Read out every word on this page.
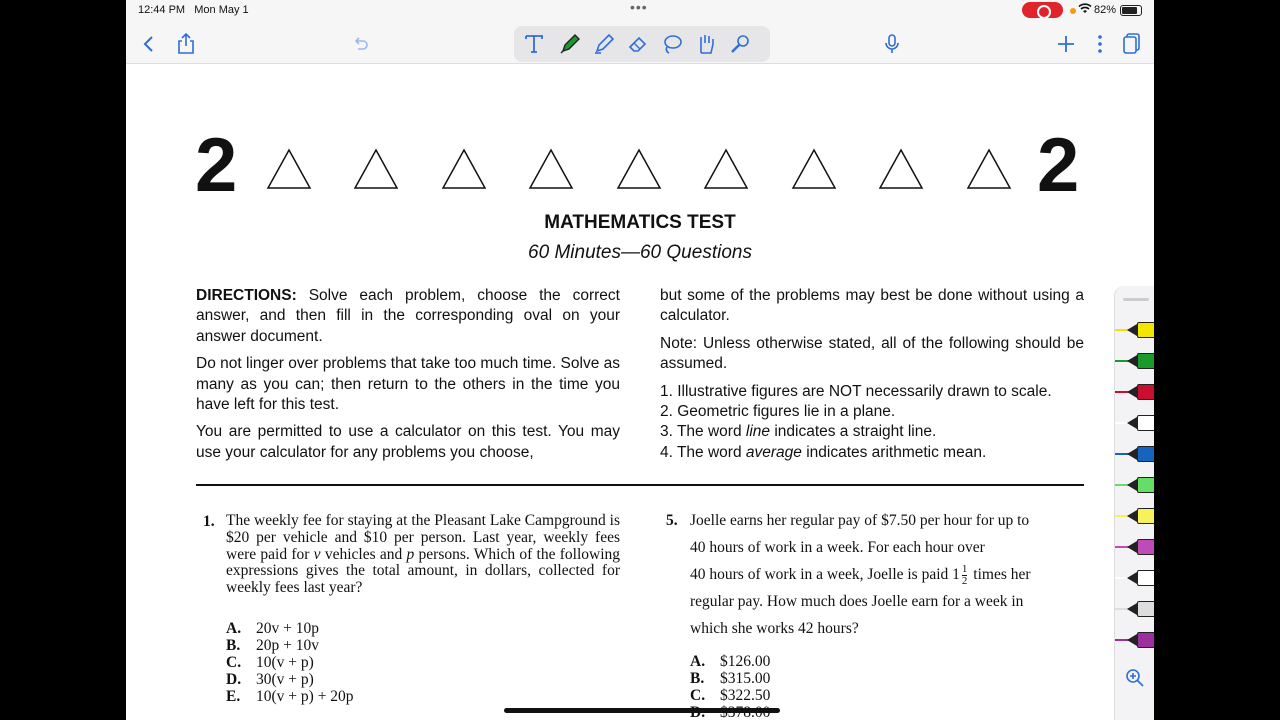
12:44 PM Mon May 1	•••	82%
2	2
MATHEMATICS TEST
60 Minutes—60 Questions

DIRECTIONS: Solve each problem, choose the correct answer, and then fill in the corresponding oval on your answer document.

Do not linger over problems that take too much time. Solve as many as you can; then return to the others in the time you have left for this test.

You are permitted to use a calculator on this test. You may use your calculator for any problems you choose,

but some of the problems may best be done without using a calculator.

Note: Unless otherwise stated, all of the following should be assumed.

1. Illustrative figures are NOT necessarily drawn to scale.
2. Geometric figures lie in a plane.
3. The word line indicates a straight line.
4. The word average indicates arithmetic mean.
1. The weekly fee for staying at the Pleasant Lake Campground is $20 per vehicle and $10 per person. Last year, weekly fees were paid for v vehicles and p persons. Which of the following expressions gives the total amount, in dollars, collected for weekly fees last year?
A. 20v + 10p
B. 20p + 10v
C. 10(v + p)
D. 30(v + p)
E. 10(v + p) + 20p
5. Joelle earns her regular pay of $7.50 per hour for up to
40 hours of work in a week. For each hour over
40 hours of work in a week, Joelle is paid $1 \frac{1}{2}$ times her
regular pay. How much does Joelle earn for a week in
which she works 42 hours?
A. $126.00
B. $315.00
C. $322.50
